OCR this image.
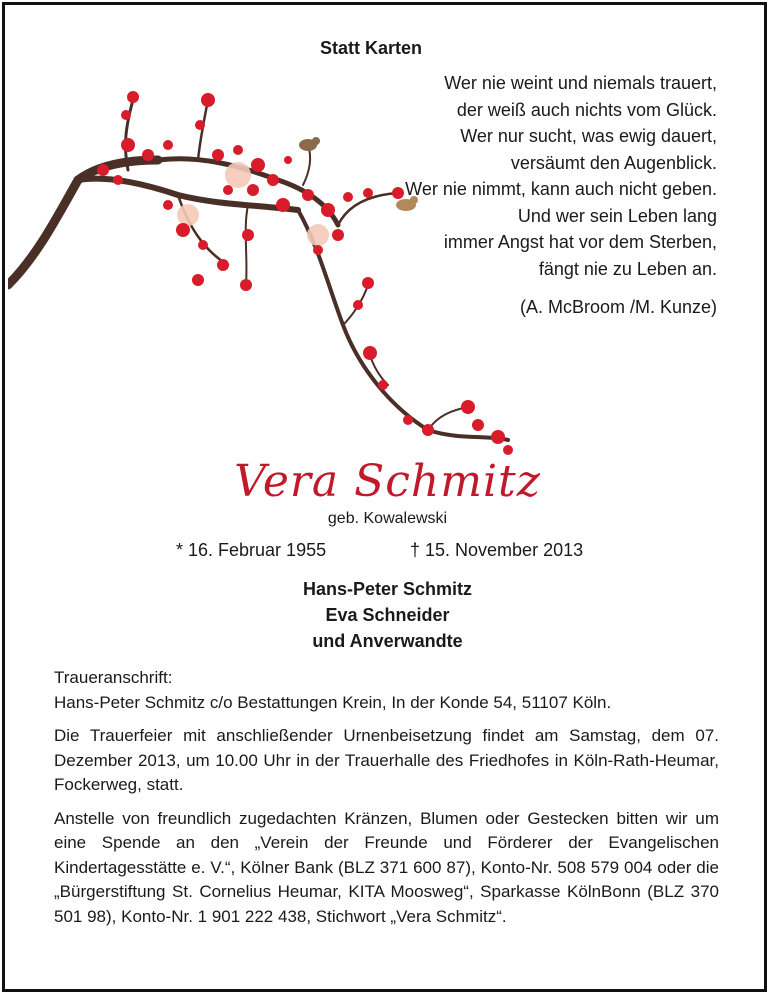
Statt Karten
Wer nie weint und niemals trauert,
der weiß auch nichts vom Glück.
Wer nur sucht, was ewig dauert,
versäumt den Augenblick.
Wer nie nimmt, kann auch nicht geben.
Und wer sein Leben lang
immer Angst hat vor dem Sterben,
fängt nie zu Leben an.
(A. McBroom /M. Kunze)
Vera Schmitz
geb. Kowalewski
* 16. Februar 1955	† 15. November 2013
Hans-Peter Schmitz
Eva Schneider
und Anverwandte

Traueranschrift:

Hans-Peter Schmitz c/o Bestattungen Krein, In der Konde 54, 51107 Köln.

Die Trauerfeier mit anschließender Urnenbeisetzung findet am Samstag, dem 07. Dezember 2013, um 10.00 Uhr in der Trauerhalle des Friedhofes in Köln-Rath-Heumar, Fockerweg, statt.

Anstelle von freundlich zugedachten Kränzen, Blumen oder Gestecken bitten wir um eine Spende an den „Verein der Freunde und Förderer der Evangelischen Kindertagesstätte e. V.“, Kölner Bank (BLZ 371 600 87), Konto-Nr. 508 579 004 oder die „Bürgerstiftung St. Cornelius Heumar, KITA Moosweg“, Sparkasse KölnBonn (BLZ 370 501 98), Konto-Nr. 1 901 222 438, Stichwort „Vera Schmitz“.
